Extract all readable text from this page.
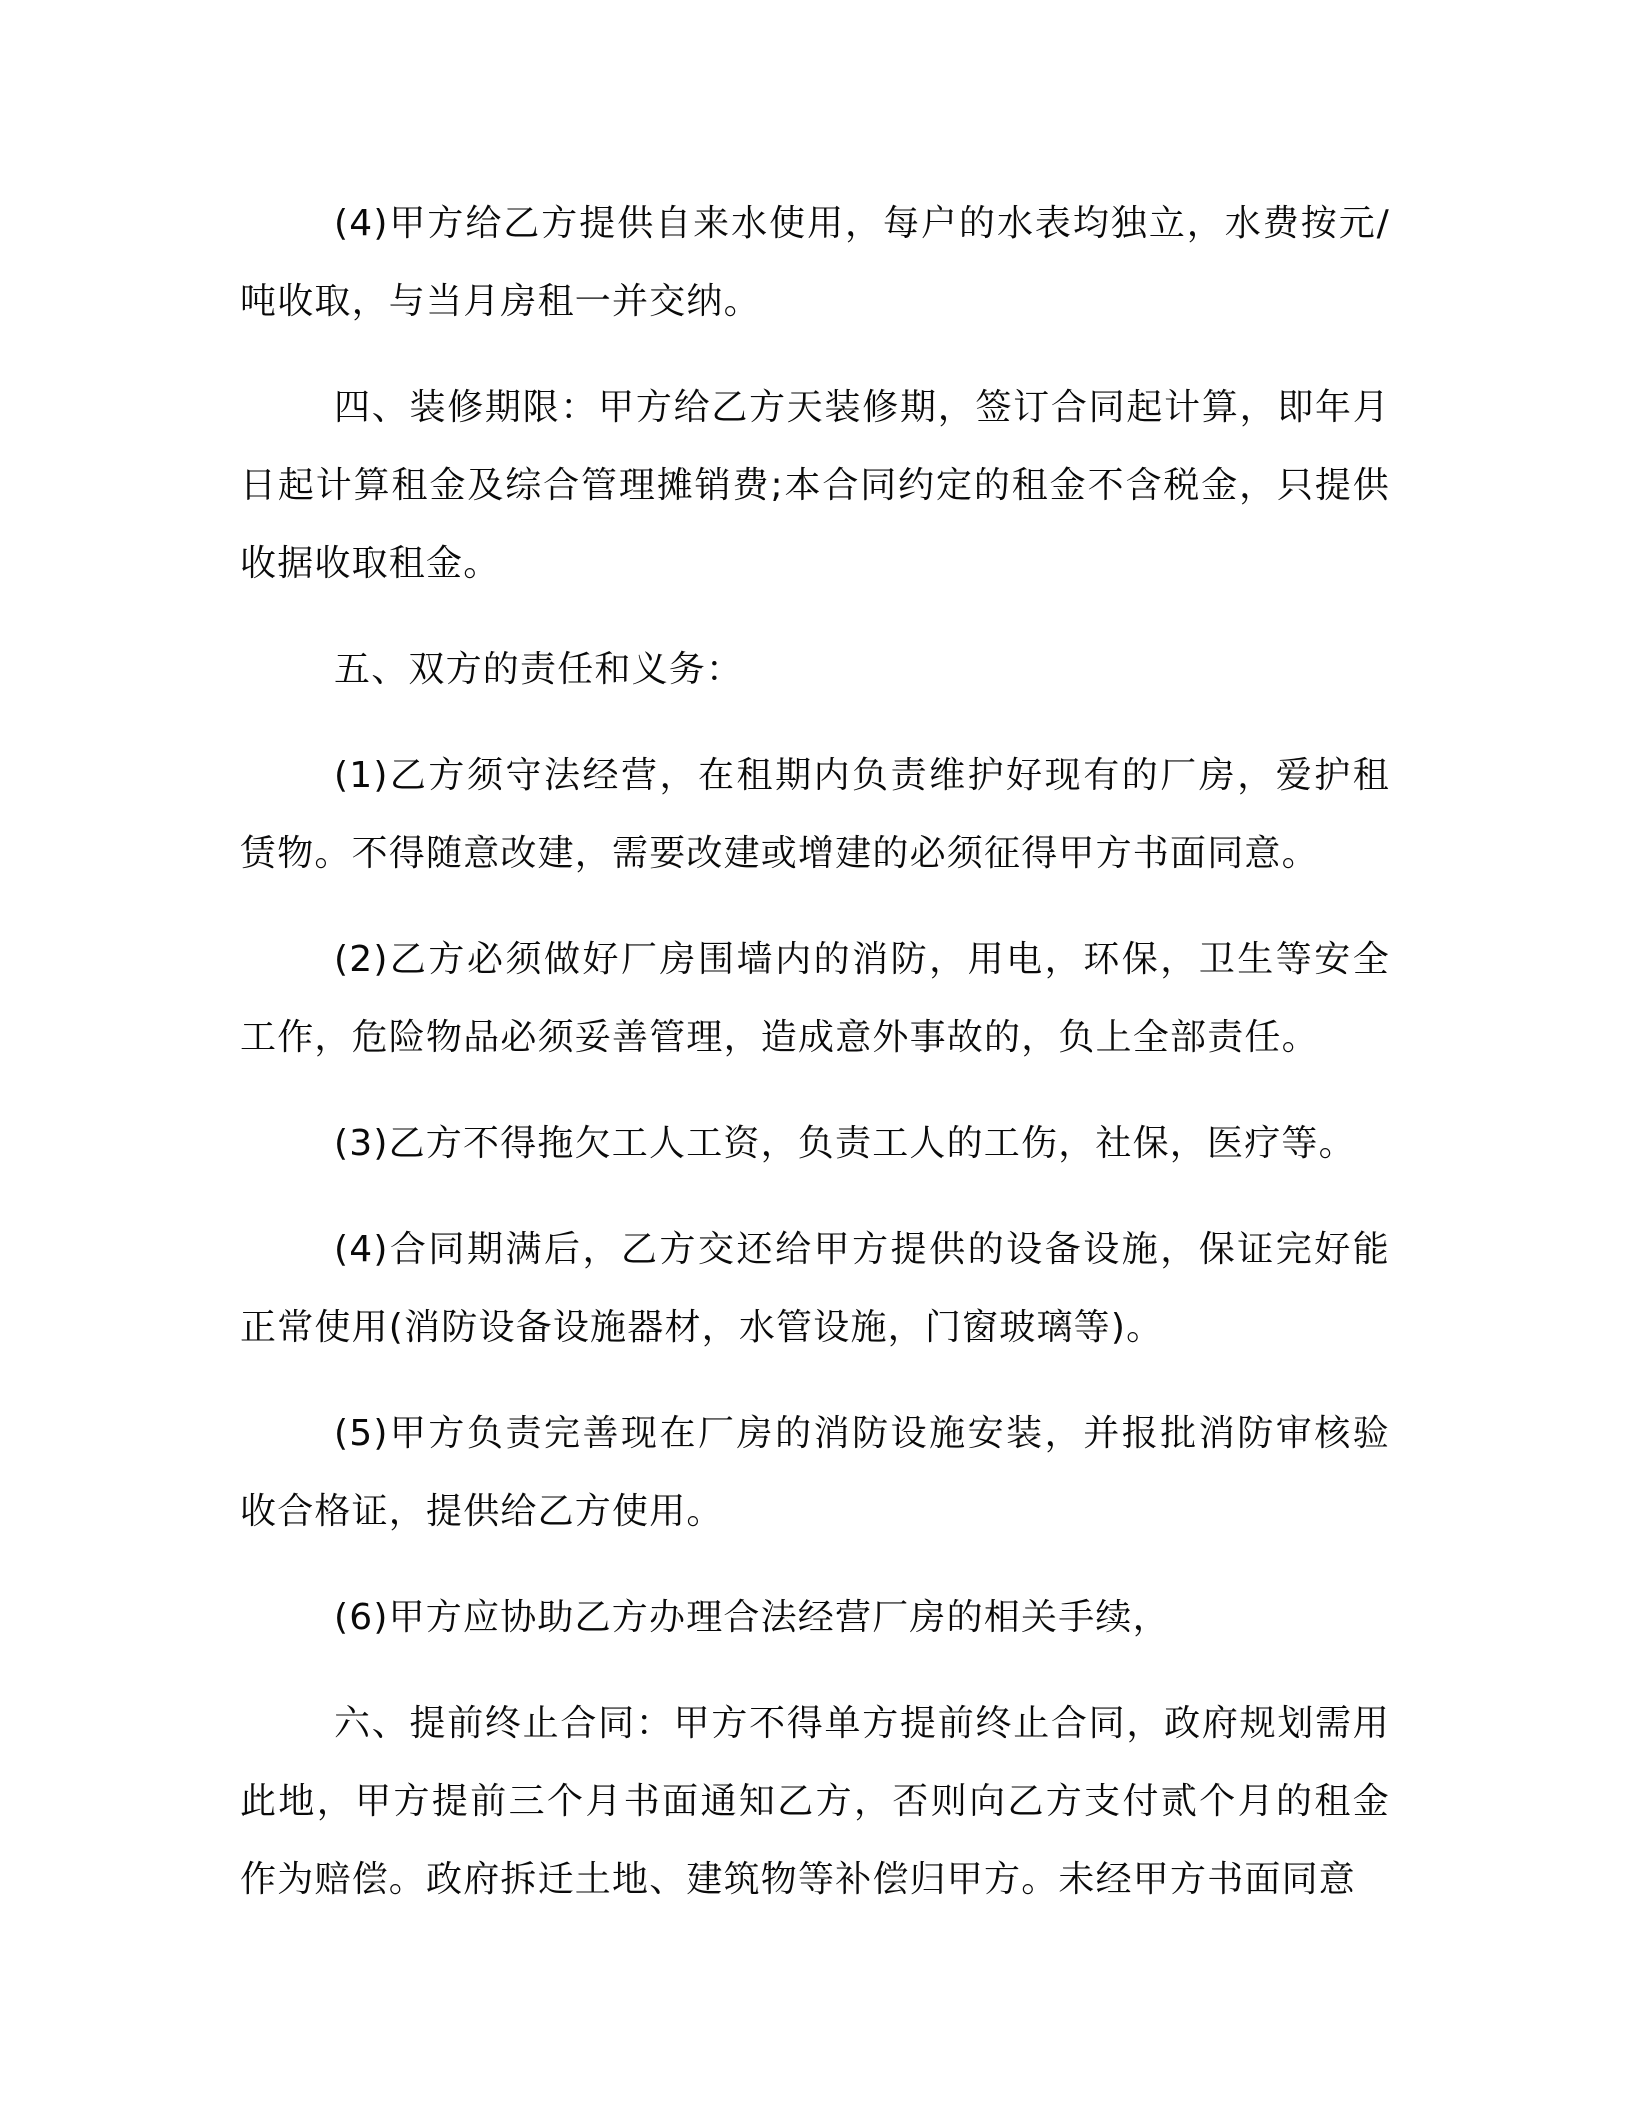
(4)甲方给乙方提供自来水使用，每户的水表均独立，水费按元/吨收取，与当月房租一并交纳。

四、装修期限：甲方给乙方天装修期，签订合同起计算，即年月日起计算租金及综合管理摊销费;本合同约定的租金不含税金，只提供收据收取租金。

五、双方的责任和义务：

(1)乙方须守法经营，在租期内负责维护好现有的厂房，爱护租赁物。不得随意改建，需要改建或增建的必须征得甲方书面同意。

(2)乙方必须做好厂房围墙内的消防，用电，环保，卫生等安全工作，危险物品必须妥善管理，造成意外事故的，负上全部责任。

(3)乙方不得拖欠工人工资，负责工人的工伤，社保，医疗等。

(4)合同期满后，乙方交还给甲方提供的设备设施，保证完好能正常使用(消防设备设施器材，水管设施，门窗玻璃等)。

(5)甲方负责完善现在厂房的消防设施安装，并报批消防审核验收合格证，提供给乙方使用。

(6)甲方应协助乙方办理合法经营厂房的相关手续，

六、提前终止合同：甲方不得单方提前终止合同，政府规划需用此地，甲方提前三个月书面通知乙方，否则向乙方支付贰个月的租金作为赔偿。政府拆迁土地、建筑物等补偿归甲方。未经甲方书面同意
